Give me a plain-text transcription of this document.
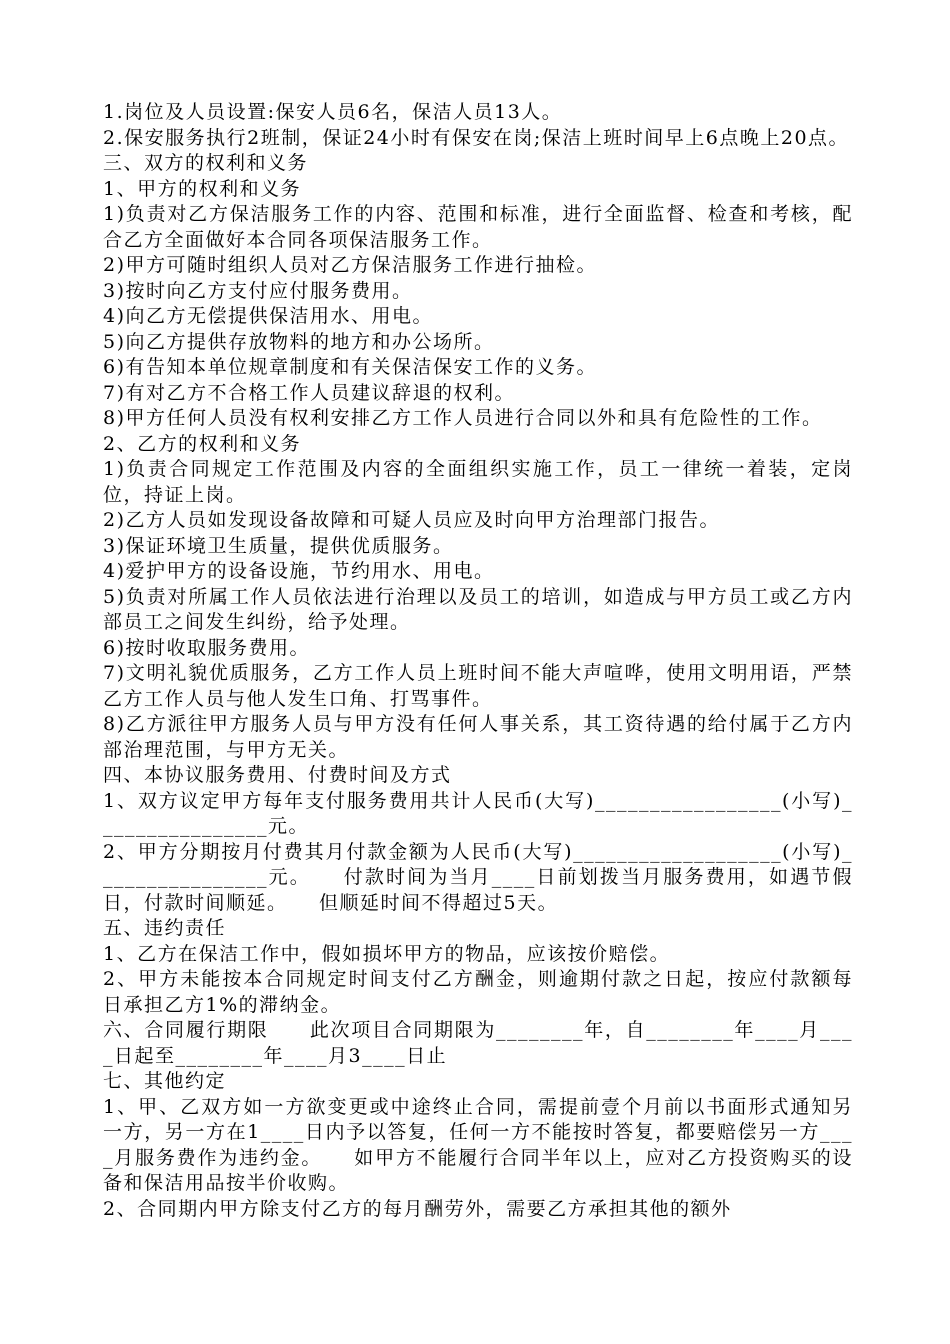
1.岗位及人员设置:保安人员6名，保洁人员13人。

2.保安服务执行2班制，保证24小时有保安在岗;保洁上班时间早上6点晚上20点。

三、双方的权利和义务

1、甲方的权利和义务

1)负责对乙方保洁服务工作的内容、范围和标准，进行全面监督、检查和考核，配合乙方全面做好本合同各项保洁服务工作。

2)甲方可随时组织人员对乙方保洁服务工作进行抽检。

3)按时向乙方支付应付服务费用。

4)向乙方无偿提供保洁用水、用电。

5)向乙方提供存放物料的地方和办公场所。

6)有告知本单位规章制度和有关保洁保安工作的义务。

7)有对乙方不合格工作人员建议辞退的权利。

8)甲方任何人员没有权利安排乙方工作人员进行合同以外和具有危险性的工作。

2、乙方的权利和义务

1)负责合同规定工作范围及内容的全面组织实施工作，员工一律统一着装，定岗位，持证上岗。

2)乙方人员如发现设备故障和可疑人员应及时向甲方治理部门报告。

3)保证环境卫生质量，提供优质服务。

4)爱护甲方的设备设施，节约用水、用电。

5)负责对所属工作人员依法进行治理以及员工的培训，如造成与甲方员工或乙方内部员工之间发生纠纷，给予处理。

6)按时收取服务费用。

7)文明礼貌优质服务，乙方工作人员上班时间不能大声喧哗，使用文明用语，严禁乙方工作人员与他人发生口角、打骂事件。

8)乙方派往甲方服务人员与甲方没有任何人事关系，其工资待遇的给付属于乙方内部治理范围，与甲方无关。

四、本协议服务费用、付费时间及方式

1、双方议定甲方每年支付服务费用共计人民币(大写)_________________(小写)________________元。

2、甲方分期按月付费其月付款金额为人民币(大写)___________________(小写)________________元。　　付款时间为当月____日前划拨当月服务费用，如遇节假日，付款时间顺延。　　但顺延时间不得超过5天。

五、违约责任

1、乙方在保洁工作中，假如损坏甲方的物品，应该按价赔偿。

2、甲方未能按本合同规定时间支付乙方酬金，则逾期付款之日起，按应付款额每日承担乙方1%的滞纳金。

六、合同履行期限　　此次项目合同期限为________年，自________年____月____日起至________年____月3____日止

七、其他约定

1、甲、乙双方如一方欲变更或中途终止合同，需提前壹个月前以书面形式通知另一方，另一方在1____日内予以答复，任何一方不能按时答复，都要赔偿另一方____月服务费作为违约金。　　如甲方不能履行合同半年以上，应对乙方投资购买的设备和保洁用品按半价收购。

2、合同期内甲方除支付乙方的每月酬劳外，需要乙方承担其他的额外
